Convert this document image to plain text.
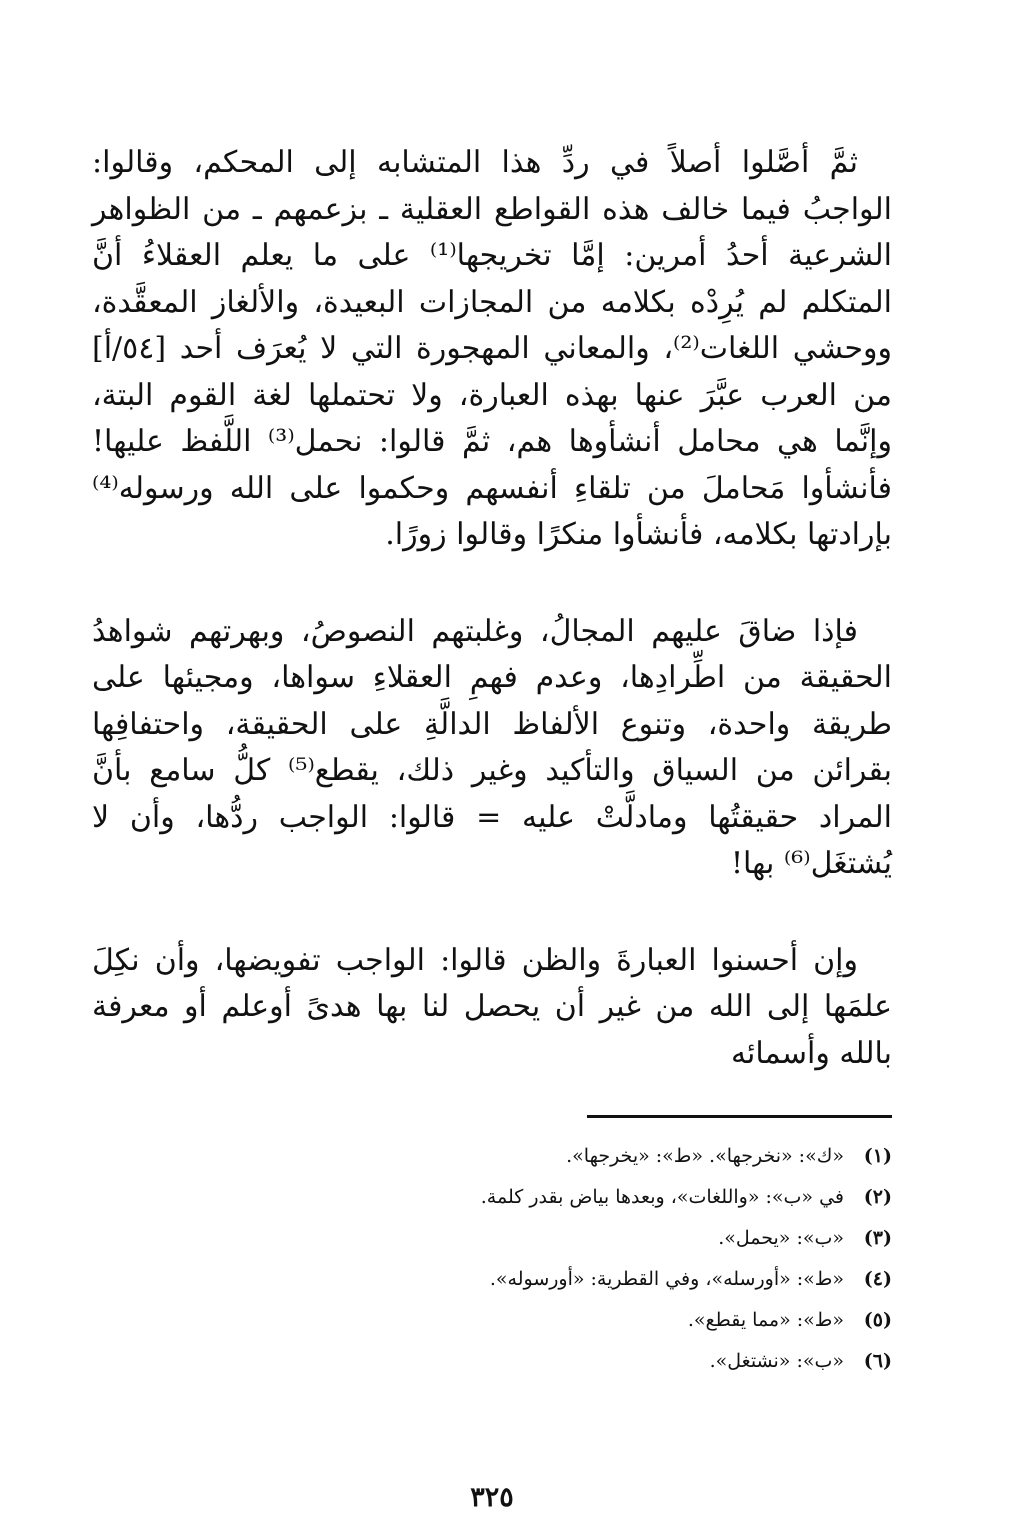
ثمَّ أصَّلوا أصلاً في ردِّ هذا المتشابه إلى المحكم، وقالوا: الواجبُ فيما خالف هذه القواطع العقلية ـ بزعمهم ـ من الظواهر الشرعية أحدُ أمرين: إمَّا تخريجها⁽¹⁾ على ما يعلم العقلاءُ أنَّ المتكلم لم يُرِدْه بكلامه من المجازات البعيدة، والألغاز المعقَّدة، ووحشي اللغات⁽²⁾، والمعاني المهجورة التي لا يُعرَف أحد [٥٤/أ] من العرب عبَّرَ عنها بهذه العبارة، ولا تحتملها لغة القوم البتة، وإنَّما هي محامل أنشأوها هم، ثمَّ قالوا: نحمل⁽³⁾ اللَّفظ عليها! فأنشأوا مَحاملَ من تلقاءِ أنفسهم وحكموا على الله ورسوله⁽⁴⁾ بإرادتها بكلامه، فأنشأوا منكرًا وقالوا زورًا.

فإذا ضاقَ عليهم المجالُ، وغلبتهم النصوصُ، وبهرتهم شواهدُ الحقيقة من اطِّرادِها، وعدم فهمِ العقلاءِ سواها، ومجيئها على طريقة واحدة، وتنوع الألفاظ الدالَّةِ على الحقيقة، واحتفافِها بقرائن من السياق والتأكيد وغير ذلك، يقطع⁽⁵⁾ كلُّ سامع بأنَّ المراد حقيقتُها ومادلَّتْ عليه = قالوا: الواجب ردُّها، وأن لا يُشتغَل⁽⁶⁾ بها!

وإن أحسنوا العبارةَ والظن قالوا: الواجب تفويضها، وأن نكِلَ علمَها إلى الله من غير أن يحصل لنا بها هدىً أوعلم أو معرفة بالله وأسمائه

(١)
«ك»: «نخرجها». «ط»: «يخرجها».
(٢)
في «ب»: «واللغات»، وبعدها بياض بقدر كلمة.
(٣)
«ب»: «يحمل».
(٤)
«ط»: «أورسله»، وفي القطرية: «أورسوله».
(٥)
«ط»: «مما يقطع».
(٦)
«ب»: «نشتغل».
٣٢٥
